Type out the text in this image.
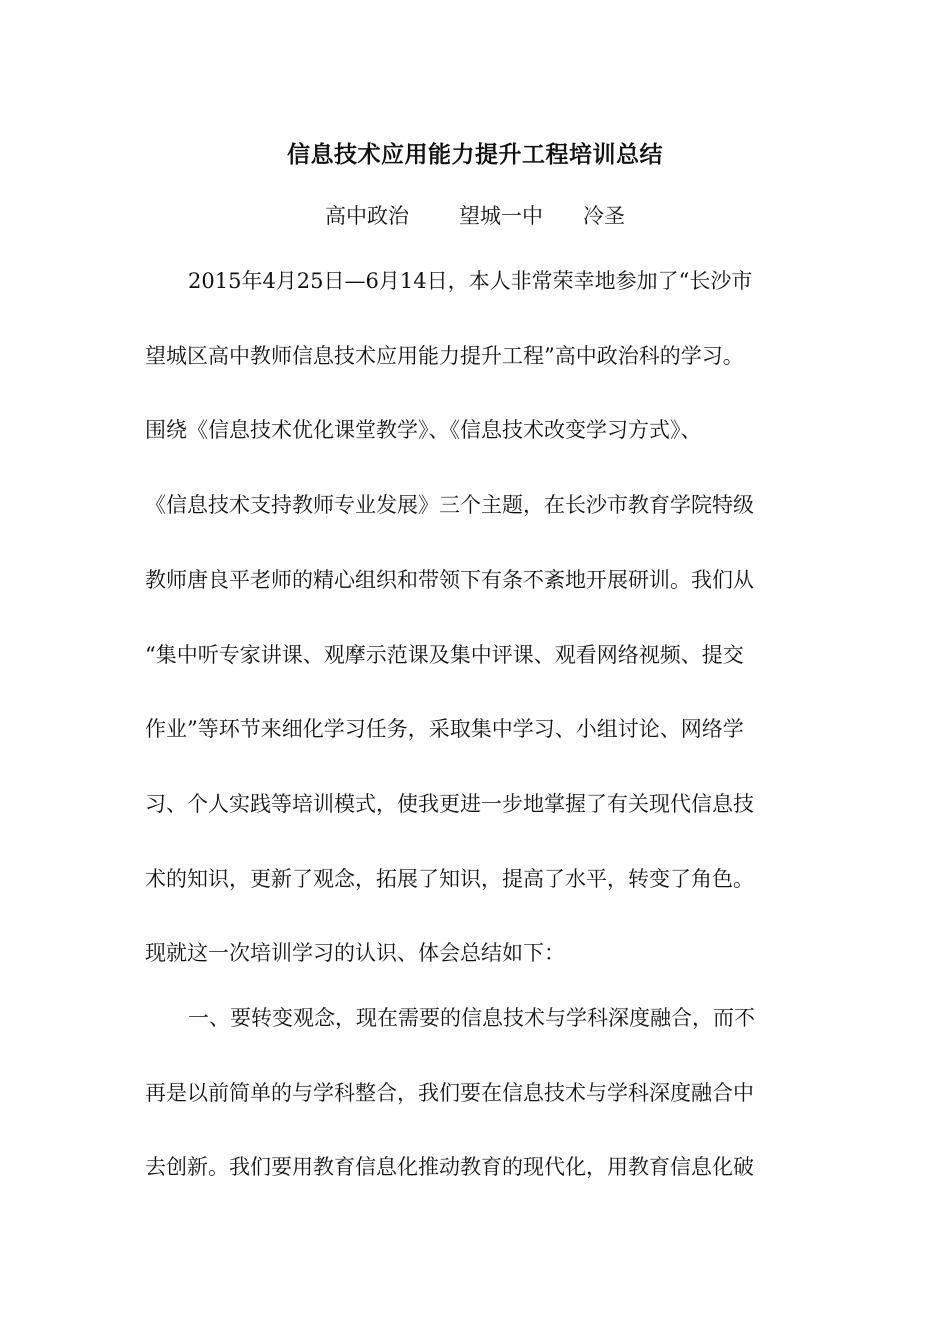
信息技术应用能力提升工程培训总结
高中政治 望城一中 冷圣
2015年4月25日—6月14日，本人非常荣幸地参加了“长沙市
望城区高中教师信息技术应用能力提升工程”高中政治科的学习。
围绕《信息技术优化课堂教学》、《信息技术改变学习方式》、
《信息技术支持教师专业发展》三个主题，在长沙市教育学院特级
教师唐良平老师的精心组织和带领下有条不紊地开展研训。我们从
“集中听专家讲课、观摩示范课及集中评课、观看网络视频、提交
作业”等环节来细化学习任务，采取集中学习、小组讨论、网络学
习、个人实践等培训模式，使我更进一步地掌握了有关现代信息技
术的知识，更新了观念，拓展了知识，提高了水平，转变了角色。
现就这一次培训学习的认识、体会总结如下：
一、要转变观念，现在需要的信息技术与学科深度融合，而不
再是以前简单的与学科整合，我们要在信息技术与学科深度融合中
去创新。我们要用教育信息化推动教育的现代化，用教育信息化破
